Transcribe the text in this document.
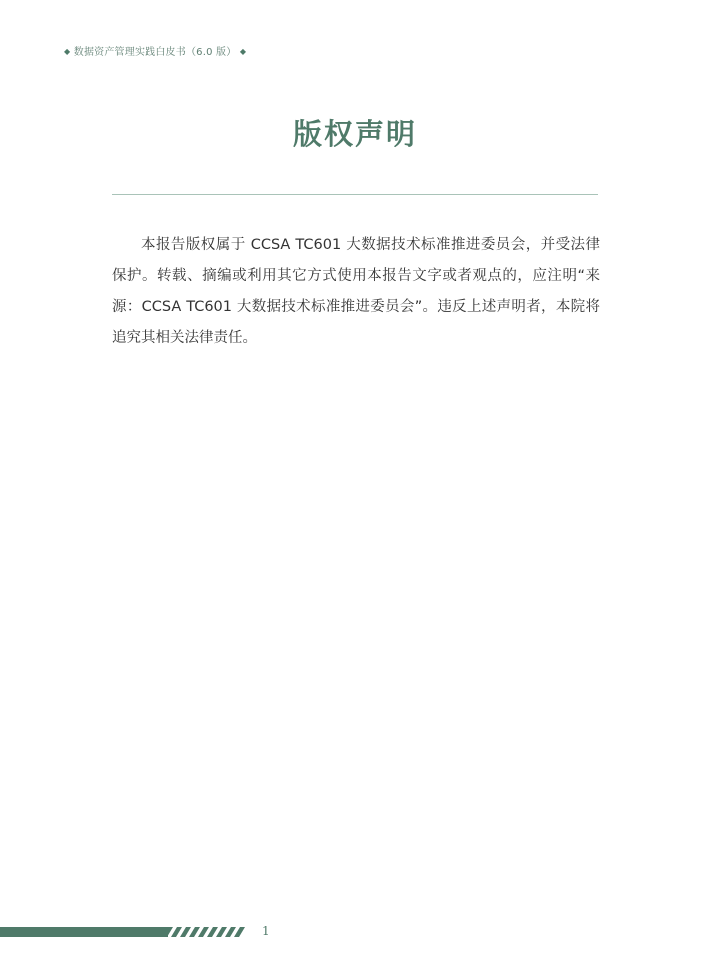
◆ 数据资产管理实践白皮书（6.0 版） ◆
版权声明

本报告版权属于 CCSA TC601 大数据技术标准推进委员会，并受法律保护。转载、摘编或利用其它方式使用本报告文字或者观点的，应注明“来源：CCSA TC601 大数据技术标准推进委员会”。违反上述声明者，本院将追究其相关法律责任。

1
